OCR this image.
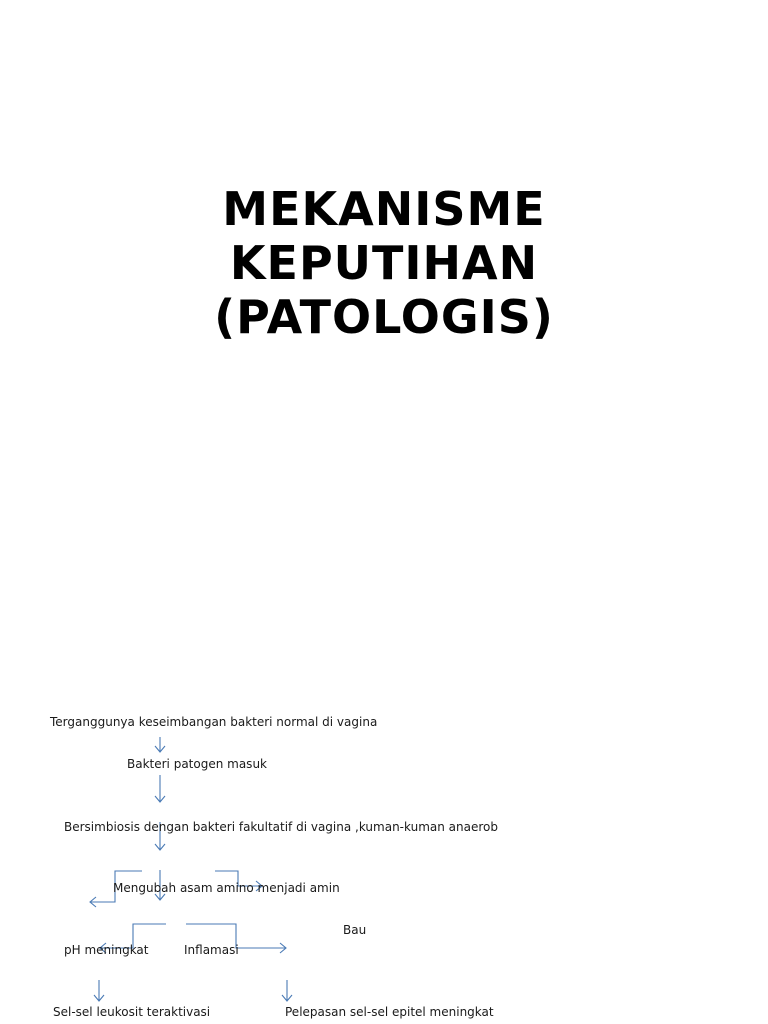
MEKANISME
KEPUTIHAN
(PATOLOGIS)
Terganggunya keseimbangan bakteri normal di vagina
Bakteri patogen masuk
Bersimbiosis dengan bakteri fakultatif di vagina ,kuman-kuman anaerob
Mengubah asam amino menjadi amin
Bau
pH meningkat	Inflamasi
Sel-sel leukosit teraktivasi	Pelepasan sel-sel epitel meningkat
